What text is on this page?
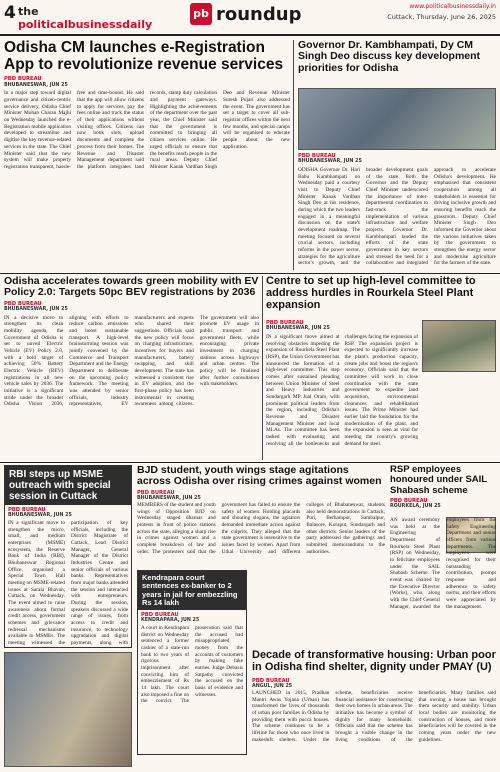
4 the
politicalbusinessdaily
pb roundup	www.politicalbusinessdaily.in
Cuttack, Thursday, June 26, 2025
Odisha CM launches e-Registration App to revolutionize revenue services
PBD BUREAU
BHUBANESWAR, JUN 25
In a major step toward digital governance and citizen-centric service delivery, Odisha Chief Minister Mohan Charan Majhi on Wednesday launched the e-Registration mobile application developed to streamline and digitise the key revenue-related services in the state. The Chief Minister said that the new system will make property registration transparent, hassle-free and time-bound. He said that the app will allow citizens to apply for services, pay the fees online and track the status of their applications without visiting offices. Citizens can now book slots, upload documents and complete the process from their homes. The Revenue and Disaster Management department said the platform integrates land records, stamp duty calculation and payment gateways. Highlighting the achievements of the department over the past year, the Chief Minister said that the government is committed to bringing all citizen services online. He urged officials to ensure that the benefits reach people in the rural areas. Deputy Chief Minister Kanak Vardhan Singh Deo and Revenue Minister Suresh Pujari also addressed the event. The government has set a target to cover all sub-registrar offices within the next few months, and special camps will be organised to educate people about the new application.
Governor Dr. Kambhampati, Dy CM Singh Deo discuss key development priorities for Odisha
PBD BUREAU
BHUBANESWAR, JUN 25
ODISHA Governor Dr. Hari Babu Kambhampati on Wednesday paid a courtesy visit to Deputy Chief Minister Kanak Vardhan Singh Deo at his residence, during which the two leaders engaged in a meaningful discussion on the state's development roadmap. The meeting focused on several crucial sectors, including reforms in the power sector, strategies for the agriculture sector's growth, and the broader development goals of the state. Both the Governor and the Deputy Chief Minister underscored the importance of inter-departmental coordination to fast-track the implementation of various infrastructure and welfare projects. Governor Dr. Kambhampati lauded the efforts of the state government in key sectors and stressed the need for a collaborative and integrated approach to accelerate Odisha's development. He emphasised that consistent cooperation among all stakeholders is essential for driving inclusive growth and ensuring benefits reach the grassroots. Deputy Chief Minister Singh Deo informed the Governor about the various initiatives taken by the government to strengthen the energy sector and modernise agriculture for the farmers of the state.
Odisha accelerates towards green mobility with EV Policy 2.0: Targets 50pc BEV registrations by 2036
PBD BUREAU
BHUBANESWAR, JUN 25
IN a decisive move to strengthen its clean mobility agenda, the Government of Odisha is set to unveil Electric Vehicle (EV) Policy 2.0, with a bold target of achieving 50% Battery Electric Vehicle (BEV) registrations in all new vehicle sales by 2036. The initiative is a significant stride under the broader Odisha Vision 2036, aligning with efforts to reduce carbon emissions and boost sustainable transport. A high-level brainstorming session was jointly convened by the Commerce and Transport Department and the Energy Department to deliberate on the upcoming policy framework. The meeting was attended by senior officials, industry representatives, EV manufacturers and experts who shared their suggestions. Officials said the new policy will focus on charging infrastructure, incentives for buyers and manufacturers, battery swapping, and skill development. The state has witnessed a consistent rise in EV adoption, and the first-phase policy has been instrumental in creating awareness among citizens. The government will also promote EV usage in public transport and government fleets, while encouraging private investment in charging stations across highways and urban centres. The policy will be finalised after further consultation with stakeholders.
Centre to set up high-level committee to address hurdles in Rourkela Steel Plant expansion
PBD BUREAU
BHUBANESWAR, JUN 25
IN a significant move aimed at resolving obstacles impeding the expansion of Rourkela Steel Plant (RSP), the Union Government has announced the formation of a high-level committee. This step comes after sustained pleading between Union Minister of Steel and Heavy Industries and Sundargarh MP Jual Oram, with prominent political leaders from the region, including Odisha's Revenue and Disaster Management Minister and local MLAs. The committee has been tasked with evaluating and resolving all the bottlenecks and challenges facing the expansion of RSP. The expansion project is expected to significantly increase the plant's production capacity, create jobs and boost the region's economy. Officials said that the committee will work in close coordination with the state government to expedite land acquisition, environmental clearances and rehabilitation issues. The Prime Minister had earlier laid the foundation for the modernisation of the plant, and the expansion is seen as vital for meeting the country's growing demand for steel.
RBI steps up MSME outreach with special session in Cuttack
PBD BUREAU
BHUBANESWAR, JUN 25
IN a significant move to strengthen the micro, small, and medium enterprises (MSME) ecosystem, the Reserve Bank of India (RBI), Bhubaneswar Regional Office, organised a Special Town Hall meeting on MSME-related issues at Sarala Bhavan, Cuttack, on Wednesday. The event aimed to raise awareness about formal credit access, government schemes and grievance redressal mechanisms available to MSMEs. The meeting witnessed the participation of key officials, including the District Magistrate of Cuttack, Lead District Manager, General Manager of the District Industries Centre and senior officials of various banks. Representatives from major banks attended the session and interacted with entrepreneurs. During the session, speakers discussed a wide range of issues, from access to credit and insurance, to technology upgradation and digital payments, along with
BJD student, youth wings stage agitations across Odisha over rising crimes against women
PBD BUREAU
BHUBANESWAR, JUN 25
MEMBERS of the student and youth wings of Opposition BJD on Wednesday staged dharnas and protests in front of police stations across the state, alleging a sharp rise in crimes against women and a complete breakdown of law and order. The protesters said that the government has failed to ensure the safety of women. Holding placards and shouting slogans, the agitators demanded immediate action against the culprits. They alleged that the state government is insensitive to the issues faced by women. Apart from Utkal University and different colleges of Bhubaneswar, students also held demonstrations in Cuttack, Puri, Berhampur, Sambalpur, Balasore, Koraput, Sundargarh and other districts. Senior leaders of the party addressed the gatherings and submitted memorandums to the authorities.
RSP employees honoured under SAIL Shabash scheme
PBD BUREAU
ROURKELA, JUN 25
AN award ceremony was held at the Engineering Department of Rourkela Steel Plant (RSP) on Wednesday, to felicitate employees under the SAIL Shabash Scheme. The event was chaired by the Executive Director (Works), who, along with the Chief General Manager, awarded the employees from the Safety Engineering Department and senior officers from various departments. The employees were recognised for their outstanding contribution, prompt response and adherence to safety norms, and their efforts were appreciated by the management.
Kendrapara court sentences ex-banker to 2 years in jail for embezzling Rs 14 lakh
PBD BUREAU
KENDRAPARA, JUN 25
A court in Kendrapara district on Wednesday sentenced a former cashier of a state-run bank to two years of rigorous imprisonment after convicting him of embezzlement of Rs 14 lakh. The court also imposed a fine on the convict. The prosecution said that the accused had misappropriated money from the accounts of customers by making fake entries. Judge Debasis Satpathy convicted the accused on the basis of evidence and witnesses.
Decade of transformative housing: Urban poor in Odisha find shelter, dignity under PMAY (U)
PBD BUREAU
ANGUL, JUN 25
LAUNCHED in 2015, Pradhan Mantri Awas Yojana (Urban) has transformed the lives of thousands of urban poor families in Odisha by providing them with pucca houses. The scheme continues to be a lifeline for those who once lived in makeshift shelters. Under the scheme, beneficiaries receive financial assistance for constructing their own homes in urban areas. The initiative has become a symbol of dignity for many households. Officials said that the scheme has brought a visible change in the living conditions of the beneficiaries. Many families said that owning a house has brought them security and stability. Urban local bodies are monitoring the construction of houses, and more beneficiaries will be covered in the coming years under the new guidelines.
